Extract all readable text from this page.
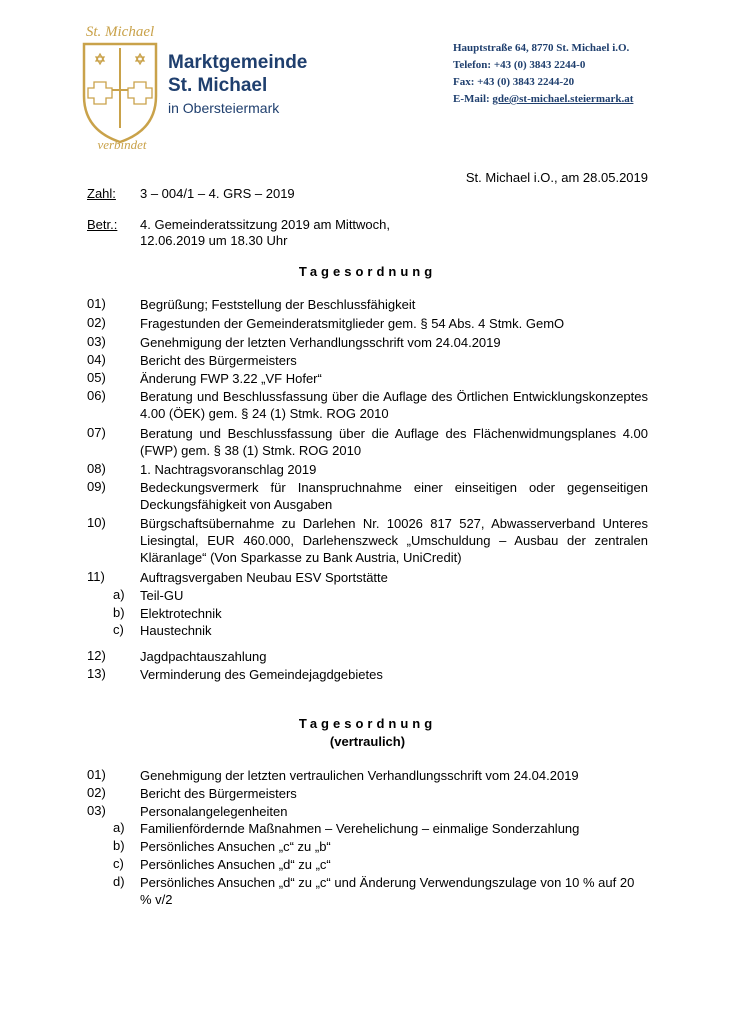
St. Michael
verbindet
Marktgemeinde
St. Michael
in Obersteiermark
Hauptstraße 64, 8770 St. Michael i.O.
Telefon: +43 (0) 3843 2244-0
Fax: +43 (0) 3843 2244-20
E-Mail: gde@st-michael.steiermark.at
St. Michael i.O., am 28.05.2019
Zahl: 3 – 004/1 – 4. GRS – 2019
Betr.: 4. Gemeinderatssitzung 2019 am Mittwoch,
12.06.2019 um 18.30 Uhr
Tagesordnung
01)	Begrüßung; Feststellung der Beschlussfähigkeit
02)	Fragestunden der Gemeinderatsmitglieder gem. § 54 Abs. 4 Stmk. GemO
03)	Genehmigung der letzten Verhandlungsschrift vom 24.04.2019
04)	Bericht des Bürgermeisters
05)	Änderung FWP 3.22 „VF Hofer“
06)	Beratung und Beschlussfassung über die Auflage des Örtlichen Entwicklungskonzeptes 4.00 (ÖEK) gem. § 24 (1) Stmk. ROG 2010
07)	Beratung und Beschlussfassung über die Auflage des Flächenwidmungsplanes 4.00 (FWP) gem. § 38 (1) Stmk. ROG 2010
08)	1. Nachtragsvoranschlag 2019
09)	Bedeckungsvermerk für Inanspruchnahme einer einseitigen oder gegenseitigen Deckungsfähigkeit von Ausgaben
10)	Bürgschaftsübernahme zu Darlehen Nr. 10026 817 527, Abwasserverband Unteres Liesingtal, EUR 460.000, Darlehenszweck „Umschuldung – Ausbau der zentralen Kläranlage“ (Von Sparkasse zu Bank Austria, UniCredit)
11)	Auftragsvergaben Neubau ESV Sportstätte
a)	Teil-GU
b)	Elektrotechnik
c)	Haustechnik
12)	Jagdpachtauszahlung
13)	Verminderung des Gemeindejagdgebietes
Tagesordnung
(vertraulich)
01)	Genehmigung der letzten vertraulichen Verhandlungsschrift vom 24.04.2019
02)	Bericht des Bürgermeisters
03)	Personalangelegenheiten
a)	Familienfördernde Maßnahmen – Verehelichung – einmalige Sonderzahlung
b)	Persönliches Ansuchen „c“ zu „b“
c)	Persönliches Ansuchen „d“ zu „c“
d)	Persönliches Ansuchen „d“ zu „c“ und Änderung Verwendungszulage von 10 % auf 20 % v/2
